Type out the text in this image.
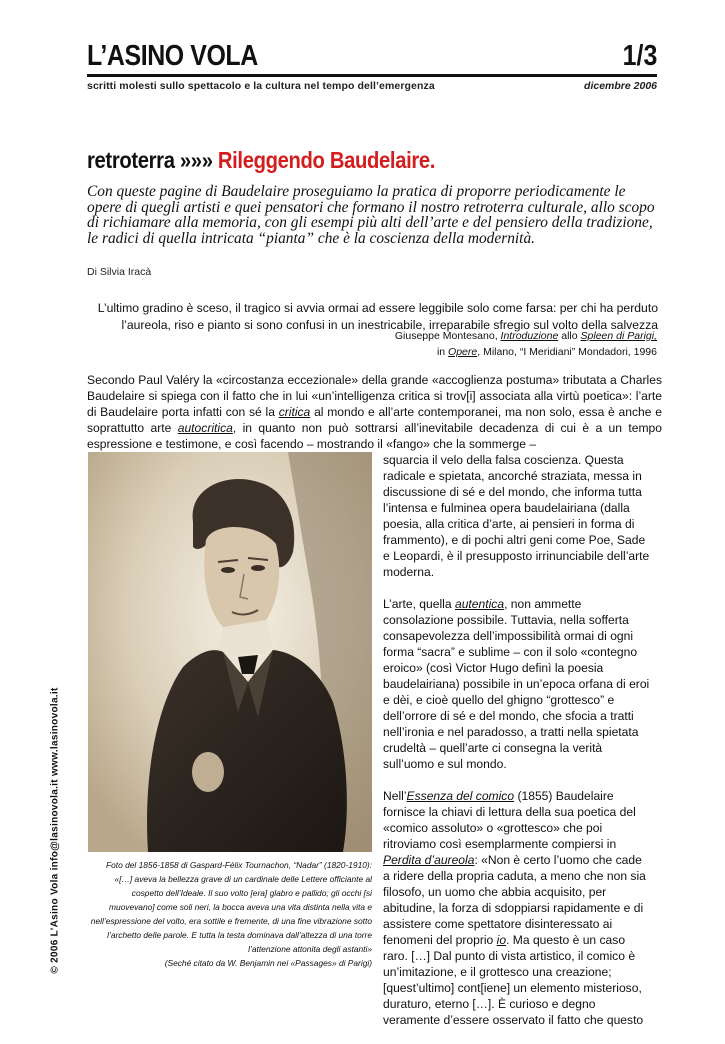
L’ASINO VOLA	1/3
scritti molesti sullo spettacolo e la cultura nel tempo dell’emergenza	dicembre 2006
retroterra »»» Rileggendo Baudelaire.
Con queste pagine di Baudelaire proseguiamo la pratica di proporre periodicamente le opere di quegli artisti e quei pensatori che formano il nostro retroterra culturale, allo scopo di richiamare alla memoria, con gli esempi più alti dell’arte e del pensiero della tradizione, le radici di quella intricata “pianta” che è la coscienza della modernità.
Di Silvia Iracà
L’ultimo gradino è sceso, il tragico si avvia ormai ad essere leggibile solo come farsa: per chi ha perduto l’aureola, riso e pianto si sono confusi in un inestricabile, irreparabile sfregio sul volto della salvezza
Giuseppe Montesano, Introduzione allo Spleen di Parigi,
in Opere, Milano, “I Meridiani” Mondadori, 1996
Secondo Paul Valéry la «circostanza eccezionale» della grande «accoglienza postuma» tributata a Charles Baudelaire si spiega con il fatto che in lui «un’intelligenza critica si trov[i] associata alla virtù poetica»: l’arte di Baudelaire porta infatti con sé la critica al mondo e all’arte contemporanei, ma non solo, essa è anche e soprattutto arte autocritica, in quanto non può sottrarsi all’inevitabile decadenza di cui è a un tempo espressione e testimone, e così facendo – mostrando il «fango» che la sommerge –
Foto del 1856-1858 di Gaspard-Félix Tournachon, “Nadar” (1820-1910):
«[…] aveva la bellezza grave di un cardinale delle Lettere officiante al cospetto dell’Ideale. Il suo volto [era] glabro e pallido; gli occhi [si muovevano] come soli neri, la bocca aveva una vita distinta nella vita e nell’espressione del volto, era sottile e fremente, di una fine vibrazione sotto l’archetto delle parole. E tutta la testa dominava dall’altezza di una torre l’attenzione attonita degli astanti»
(Seché citato da W. Benjamin nei «Passages» di Parigi)

squarcia il velo della falsa coscienza. Questa radicale e spietata, ancorché straziata, messa in discussione di sé e del mondo, che informa tutta l’intensa e fulminea opera baudelairiana (dalla poesia, alla critica d’arte, ai pensieri in forma di frammento), e di pochi altri geni come Poe, Sade e Leopardi, è il presupposto irrinunciabile dell’arte moderna.

L’arte, quella autentica, non ammette consolazione possibile. Tuttavia, nella sofferta consapevolezza dell’impossibilità ormai di ogni forma “sacra” e sublime – con il solo «contegno eroico» (così Victor Hugo definì la poesia baudelairiana) possibile in un’epoca orfana di eroi e dèi, e cioè quello del ghigno “grottesco” e dell’orrore di sé e del mondo, che sfocia a tratti nell’ironia e nel paradosso, a tratti nella spietata crudeltà – quell’arte ci consegna la verità sull’uomo e sul mondo.

Nell’Essenza del comico (1855) Baudelaire fornisce la chiavi di lettura della sua poetica del «comico assoluto» o «grottesco» che poi ritroviamo così esemplarmente compiersi in Perdita d’aureola: «Non è certo l’uomo che cade a ridere della propria caduta, a meno che non sia filosofo, un uomo che abbia acquisito, per abitudine, la forza di sdoppiarsi rapidamente e di assistere come spettatore disinteressato ai fenomeni del proprio io. Ma questo è un caso raro. […] Dal punto di vista artistico, il comico è un’imitazione, e il grottesco una creazione; [quest’ultimo] cont[iene] un elemento misterioso, duraturo, eterno […]. È curioso e degno veramente d’essere osservato il fatto che questo

© 2006 L’Asino Vola info@lasinovola.it www.lasinovola.it
